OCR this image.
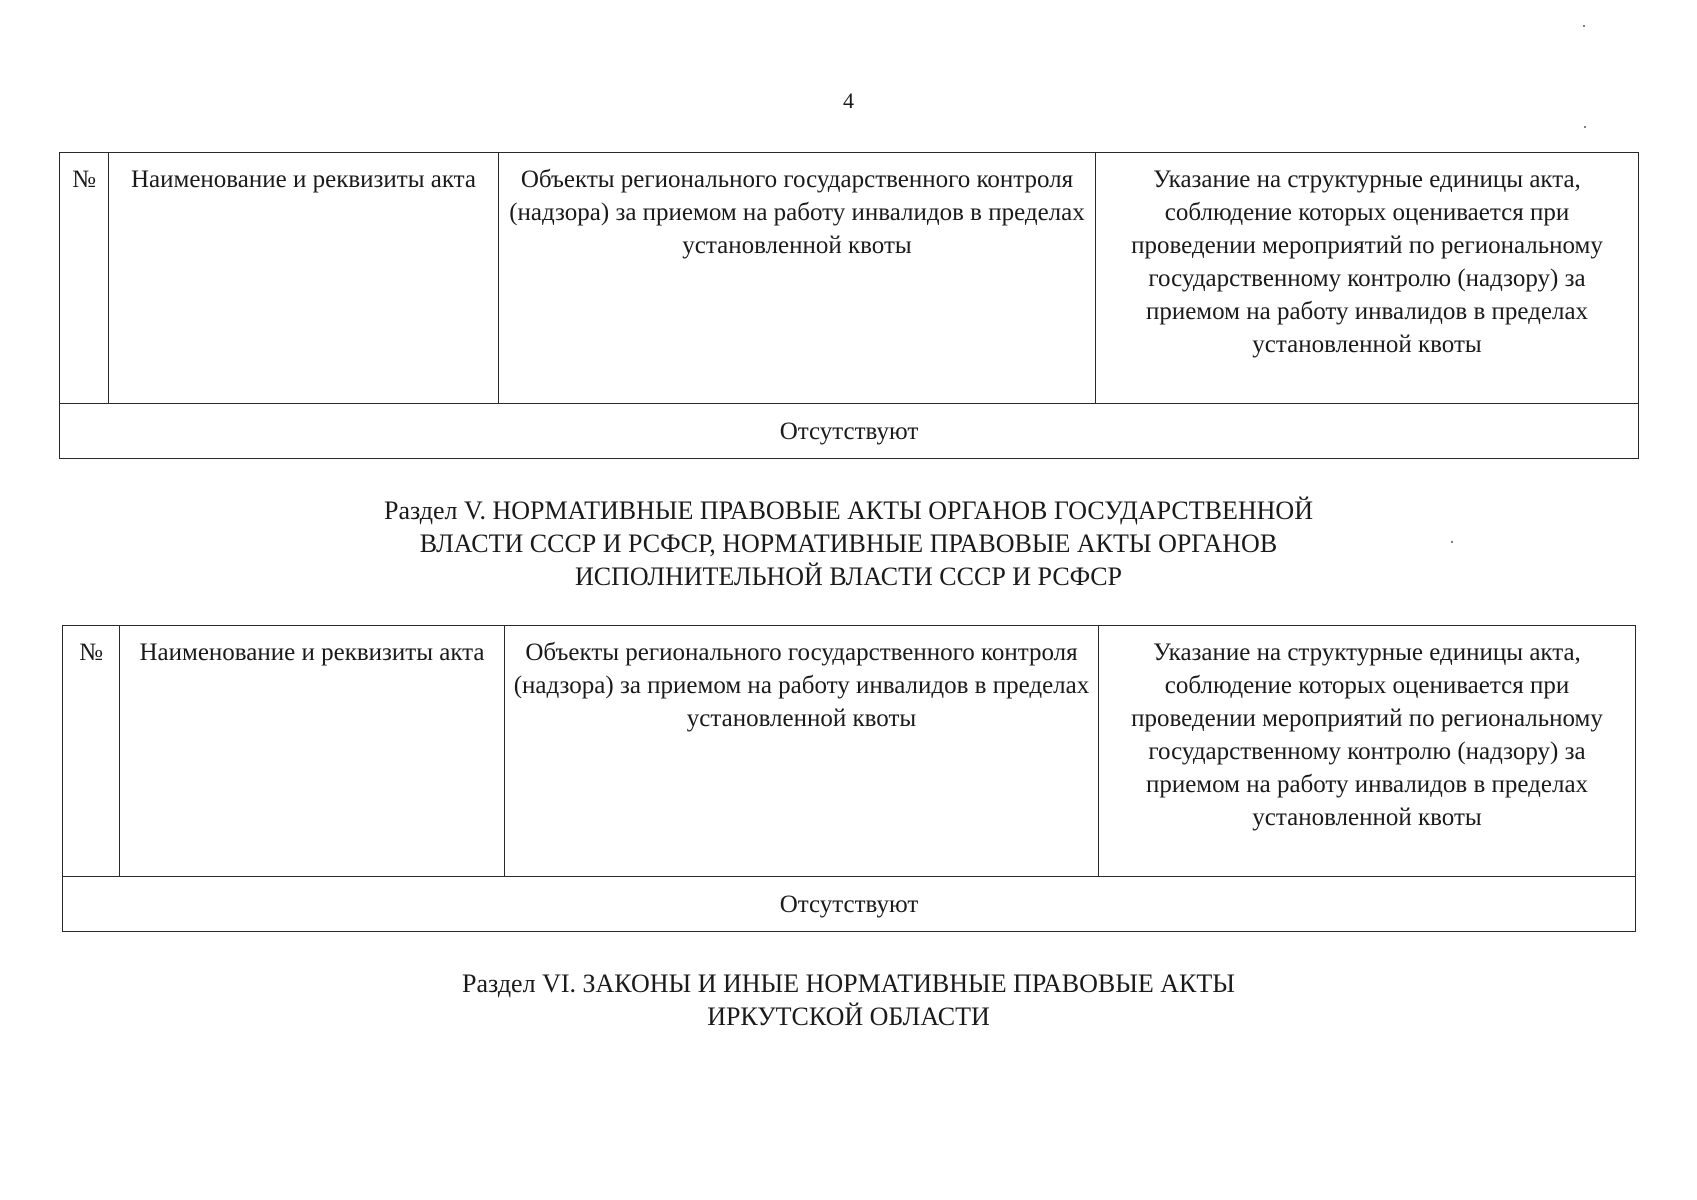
4
№	Наименование и реквизиты акта	Объекты регионального государственного контроля (надзора) за приемом на работу инвалидов в пределах установленной квоты	Указание на структурные единицы акта, соблюдение которых оценивается при проведении мероприятий по региональному государственному контролю (надзору) за приемом на работу инвалидов в пределах установленной квоты
Отсутствуют
Раздел V. НОРМАТИВНЫЕ ПРАВОВЫЕ АКТЫ ОРГАНОВ ГОСУДАРСТВЕННОЙ
ВЛАСТИ СССР И РСФСР, НОРМАТИВНЫЕ ПРАВОВЫЕ АКТЫ ОРГАНОВ
ИСПОЛНИТЕЛЬНОЙ ВЛАСТИ СССР И РСФСР
№	Наименование и реквизиты акта	Объекты регионального государственного контроля (надзора) за приемом на работу инвалидов в пределах установленной квоты	Указание на структурные единицы акта, соблюдение которых оценивается при проведении мероприятий по региональному государственному контролю (надзору) за приемом на работу инвалидов в пределах установленной квоты
Отсутствуют
Раздел VI. ЗАКОНЫ И ИНЫЕ НОРМАТИВНЫЕ ПРАВОВЫЕ АКТЫ
ИРКУТСКОЙ ОБЛАСТИ
